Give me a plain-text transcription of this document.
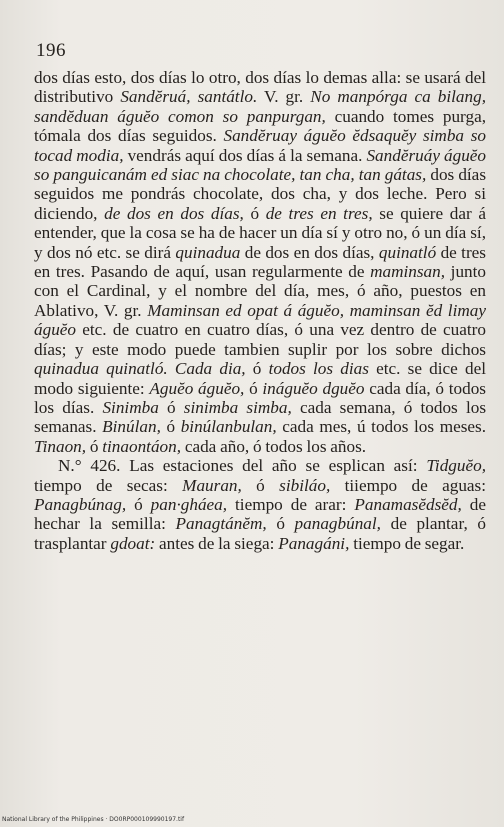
196

dos días esto, dos días lo otro, dos días lo demas alla: se usará del distributivo Sandĕruá, santátlo. V. gr. No manpórga ca bilang, sandĕduan águĕo comon so panpurgan, cuando tomes purga, tómala dos días seguidos. Sandĕruay águĕo ĕdsaquĕy simba so tocad modia, vendrás aquí dos días á la semana. Sandĕruáy águĕo so panguicanám ed siac na chocolate, tan cha, tan gátas, dos días seguidos me pondrás chocolate, dos cha, y dos leche. Pero si diciendo, de dos en dos días, ó de tres en tres, se quiere dar á entender, que la cosa se ha de hacer un día sí y otro no, ó un día sí, y dos nó etc. se dirá quinadua de dos en dos días, quinatló de tres en tres. Pasando de aquí, usan regularmente de maminsan, junto con el Cardinal, y el nombre del día, mes, ó año, puestos en Ablativo, V. gr. Maminsan ed opat á águĕo, maminsan ĕd limay águĕo etc. de cuatro en cuatro días, ó una vez dentro de cuatro días; y este modo puede tambien suplir por los sobre dichos quinadua quinatló. Cada dia, ó todos los dias etc. se dice del modo siguiente: Aguĕo águĕo, ó ináguĕo dguĕo cada día, ó todos los días. Sinimba ó sinimba simba, cada semana, ó todos los semanas. Binúlan, ó binúlanbulan, cada mes, ú todos los meses. Tinaon, ó tinaontáon, cada año, ó todos los años.

N.° 426. Las estaciones del año se esplican así: Tidguĕo, tiempo de secas: Mauran, ó sibiláo, tiiempo de aguas: Panagbúnag, ó pan·gháea, tiempo de arar: Panamasĕdsĕd, de hechar la semilla: Panagtánĕm, ó panagbúnal, de plantar, ó trasplantar gdoat: antes de la siega: Panagáni, tiempo de segar.

National Library of the Philippines · DO0RP000109990197.tif
